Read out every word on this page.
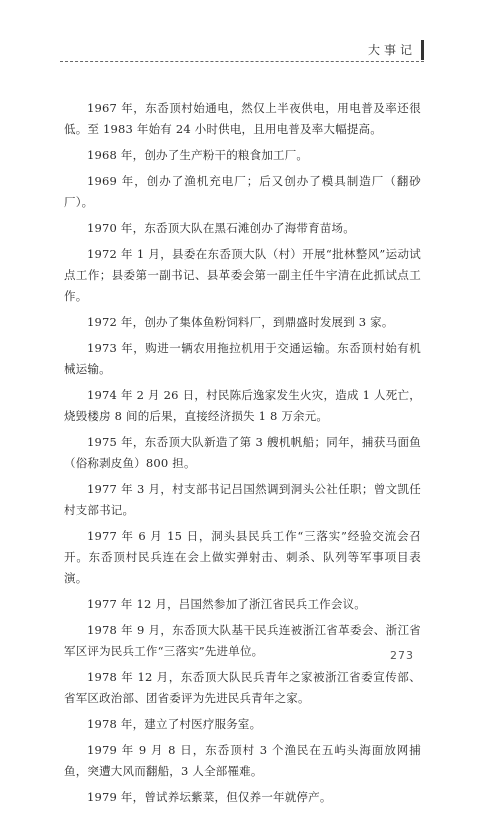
大事记

1967 年，东岙顶村始通电，然仅上半夜供电，用电普及率还很低。至 1983 年始有 24 小时供电，且用电普及率大幅提高。

1968 年，创办了生产粉干的粮食加工厂。

1969 年，创办了渔机充电厂；后又创办了模具制造厂（翻砂厂）。

1970 年，东岙顶大队在黑石滩创办了海带育苗场。

1972 年 1 月，县委在东岙顶大队（村）开展“批林整风”运动试点工作；县委第一副书记、县革委会第一副主任牛宇清在此抓试点工作。

1972 年，创办了集体鱼粉饲料厂，到鼎盛时发展到 3 家。

1973 年，购进一辆农用拖拉机用于交通运输。东岙顶村始有机械运输。

1974 年 2 月 26 日，村民陈后逸家发生火灾，造成 1 人死亡，烧毁楼房 8 间的后果，直接经济损失 1 8 万余元。

1975 年，东岙顶大队新造了第 3 艘机帆船；同年，捕获马面鱼（俗称剥皮鱼）800 担。

1977 年 3 月，村支部书记吕国然调到洞头公社任职；曾文凯任村支部书记。

1977 年 6 月 15 日，洞头县民兵工作“三落实”经验交流会召开。东岙顶村民兵连在会上做实弹射击、刺杀、队列等军事项目表演。

1977 年 12 月，吕国然参加了浙江省民兵工作会议。

1978 年 9 月，东岙顶大队基干民兵连被浙江省革委会、浙江省军区评为民兵工作“三落实”先进单位。

1978 年 12 月，东岙顶大队民兵青年之家被浙江省委宣传部、省军区政治部、团省委评为先进民兵青年之家。

1978 年，建立了村医疗服务室。

1979 年 9 月 8 日，东岙顶村 3 个渔民在五屿头海面放网捕鱼，突遭大风而翻船，3 人全部罹难。

1979 年，曾试养坛紫菜，但仅养一年就停产。

273
